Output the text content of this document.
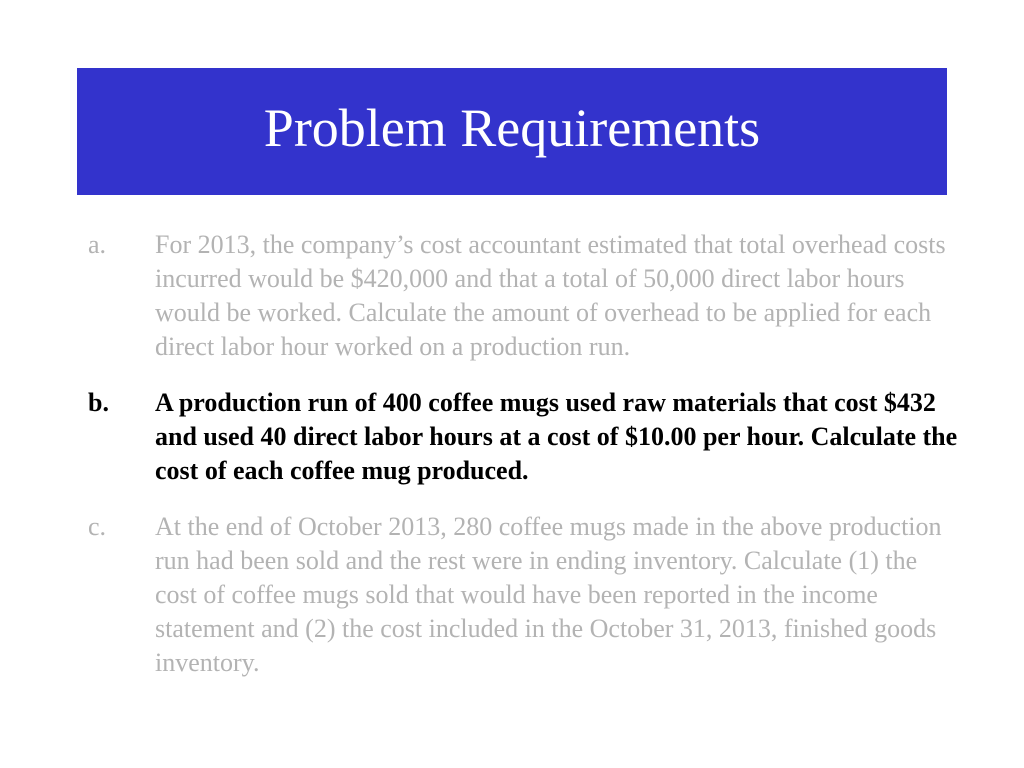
Problem Requirements
a.	For 2013, the company’s cost accountant estimated that total overhead costs incurred would be $420,000 and that a total of 50,000 direct labor hours would be worked. Calculate the amount of overhead to be applied for each direct labor hour worked on a production run.
b.	A production run of 400 coffee mugs used raw materials that cost $432 and used 40 direct labor hours at a cost of $10.00 per hour. Calculate the cost of each coffee mug produced.
c.	At the end of October 2013, 280 coffee mugs made in the above production run had been sold and the rest were in ending inventory. Calculate (1) the cost of coffee mugs sold that would have been reported in the income statement and (2) the cost included in the October 31, 2013, finished goods inventory.
